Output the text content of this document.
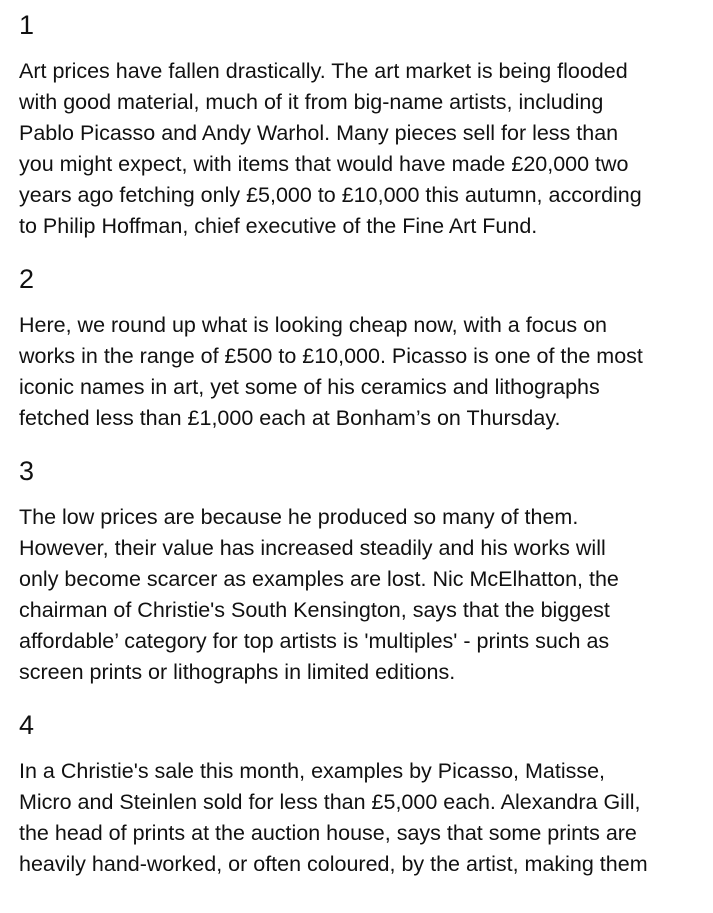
1

Art prices have fallen drastically. The art market is being flooded
with good material, much of it from big-name artists, including
Pablo Picasso and Andy Warhol. Many pieces sell for less than
you might expect, with items that would have made £20,000 two
years ago fetching only £5,000 to £10,000 this autumn, according
to Philip Hoffman, chief executive of the Fine Art Fund.

2

Here, we round up what is looking cheap now, with a focus on
works in the range of £500 to £10,000. Picasso is one of the most
iconic names in art, yet some of his ceramics and lithographs
fetched less than £1,000 each at Bonham’s on Thursday.

3

The low prices are because he produced so many of them.
However, their value has increased steadily and his works will
only become scarcer as examples are lost. Nic McElhatton, the
chairman of Christie's South Kensington, says that the biggest
affordable’ category for top artists is 'multiples' - prints such as
screen prints or lithographs in limited editions.

4

In a Christie's sale this month, examples by Picasso, Matisse,
Micro and Steinlen sold for less than £5,000 each. Alexandra Gill,
the head of prints at the auction house, says that some prints are
heavily hand-worked, or often coloured, by the artist, making them
